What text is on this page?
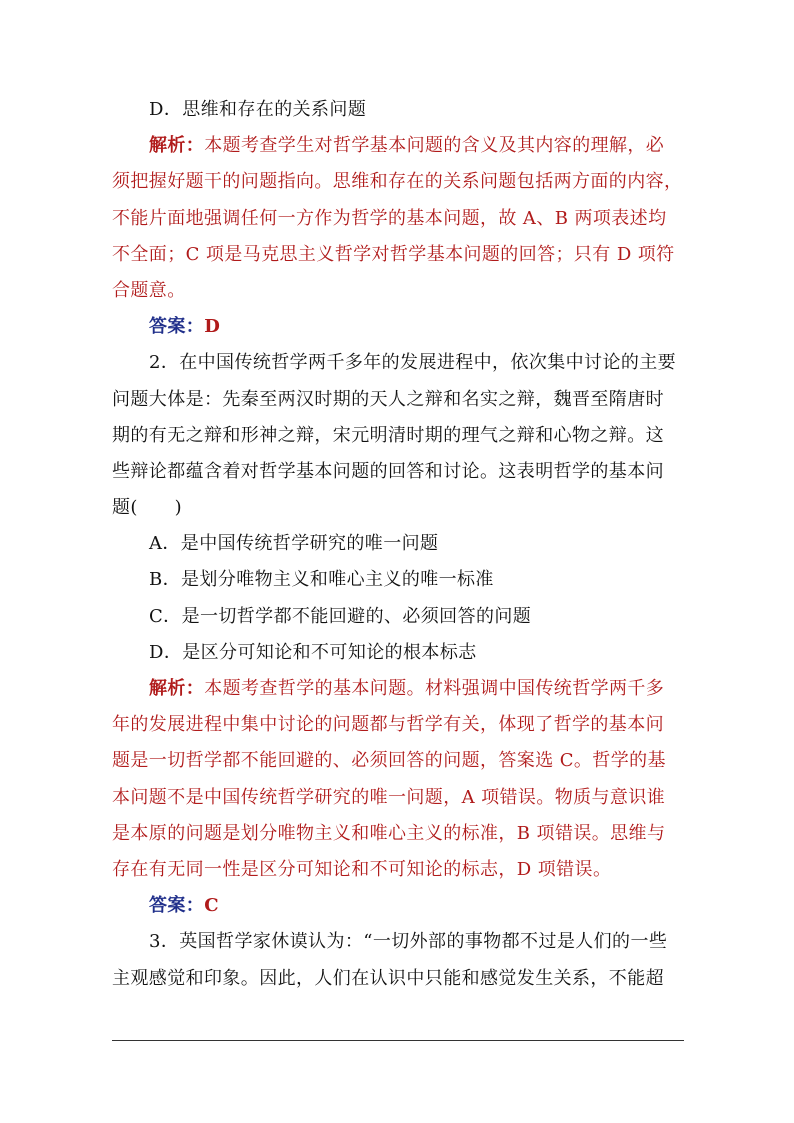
D．思维和存在的关系问题
解析：本题考查学生对哲学基本问题的含义及其内容的理解，必
须把握好题干的问题指向。思维和存在的关系问题包括两方面的内容，
不能片面地强调任何一方作为哲学的基本问题，故 A、B 两项表述均
不全面；C 项是马克思主义哲学对哲学基本问题的回答；只有 D 项符
合题意。
答案：D
2．在中国传统哲学两千多年的发展进程中，依次集中讨论的主要
问题大体是：先秦至两汉时期的天人之辩和名实之辩，魏晋至隋唐时
期的有无之辩和形神之辩，宋元明清时期的理气之辩和心物之辩。这
些辩论都蕴含着对哲学基本问题的回答和讨论。这表明哲学的基本问
题(　　)
A．是中国传统哲学研究的唯一问题
B．是划分唯物主义和唯心主义的唯一标准
C．是一切哲学都不能回避的、必须回答的问题
D．是区分可知论和不可知论的根本标志
解析：本题考查哲学的基本问题。材料强调中国传统哲学两千多
年的发展进程中集中讨论的问题都与哲学有关，体现了哲学的基本问
题是一切哲学都不能回避的、必须回答的问题，答案选 C。哲学的基
本问题不是中国传统哲学研究的唯一问题，A 项错误。物质与意识谁
是本原的问题是划分唯物主义和唯心主义的标准，B 项错误。思维与
存在有无同一性是区分可知论和不可知论的标志，D 项错误。
答案：C
3．英国哲学家休谟认为：“一切外部的事物都不过是人们的一些
主观感觉和印象。因此，人们在认识中只能和感觉发生关系，不能超
